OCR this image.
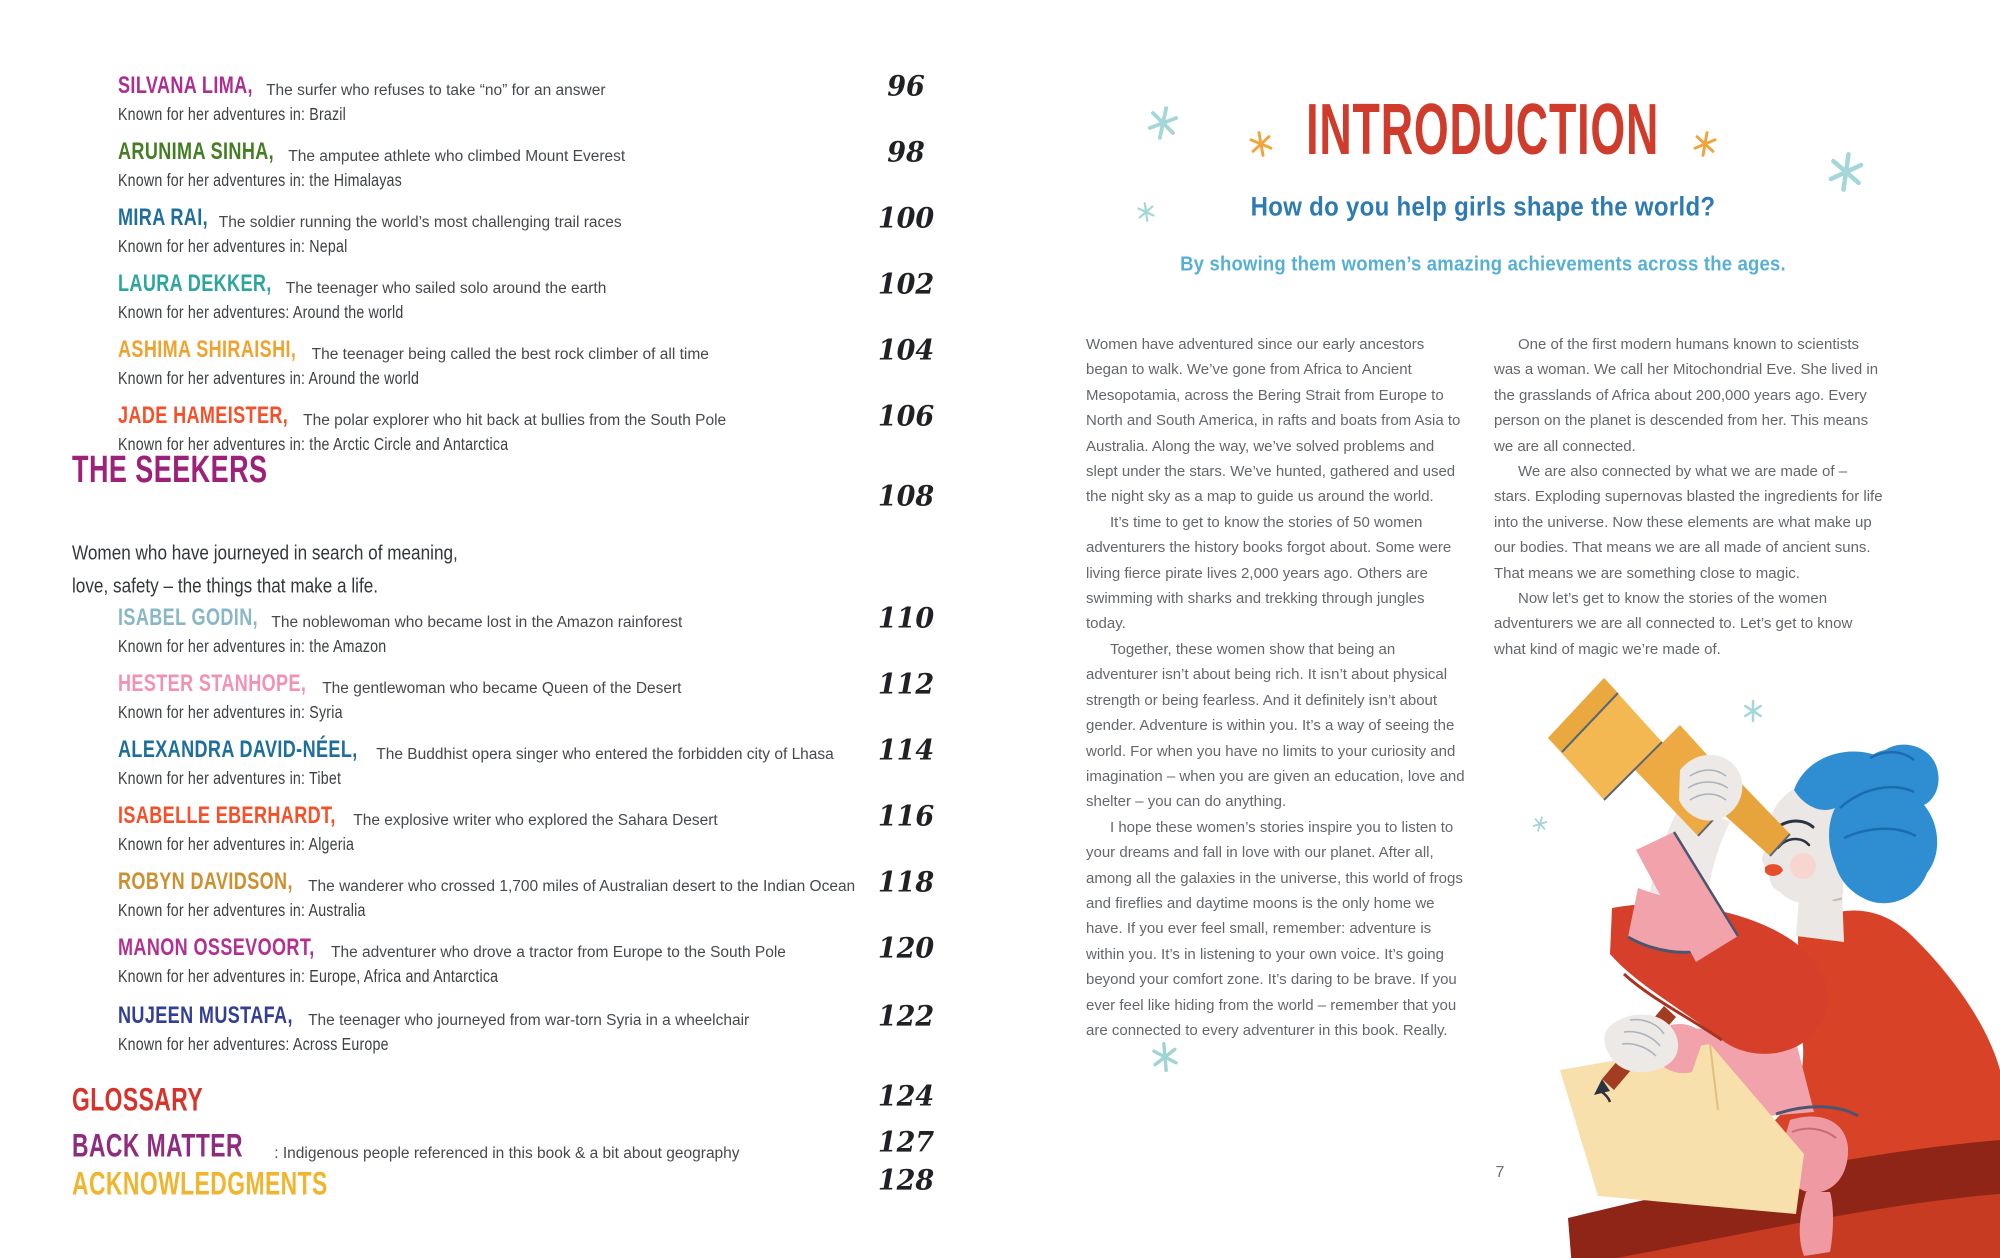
SILVANA LIMA, The surfer who refuses to take “no” for an answer
Known for her adventures in: Brazil
ARUNIMA SINHA, The amputee athlete who climbed Mount Everest
Known for her adventures in: the Himalayas
MIRA RAI, The soldier running the world’s most challenging trail races
Known for her adventures in: Nepal
LAURA DEKKER, The teenager who sailed solo around the earth
Known for her adventures: Around the world
ASHIMA SHIRAISHI, The teenager being called the best rock climber of all time
Known for her adventures in: Around the world
JADE HAMEISTER, The polar explorer who hit back at bullies from the South Pole
Known for her adventures in: the Arctic Circle and Antarctica
ISABEL GODIN, The noblewoman who became lost in the Amazon rainforest
Known for her adventures in: the Amazon
HESTER STANHOPE, The gentlewoman who became Queen of the Desert
Known for her adventures in: Syria
ALEXANDRA DAVID-NÉEL, The Buddhist opera singer who entered the forbidden city of Lhasa
Known for her adventures in: Tibet
ISABELLE EBERHARDT, The explosive writer who explored the Sahara Desert
Known for her adventures in: Algeria
ROBYN DAVIDSON, The wanderer who crossed 1,700 miles of Australian desert to the Indian Ocean
Known for her adventures in: Australia
MANON OSSEVOORT, The adventurer who drove a tractor from Europe to the South Pole
Known for her adventures in: Europe, Africa and Antarctica
NUJEEN MUSTAFA, The teenager who journeyed from war-torn Syria in a wheelchair
Known for her adventures: Across Europe
THE SEEKERS
Women who have journeyed in search of meaning,
love, safety – the things that make a life.
GLOSSARY
BACK MATTER : Indigenous people referenced in this book & a bit about geography
ACKNOWLEDGMENTS
INTRODUCTION
How do you help girls shape the world?
By showing them women’s amazing achievements across the ages.

Women have adventured since our early ancestors began to walk. We’ve gone from Africa to Ancient Mesopotamia, across the Bering Strait from Europe to North and South America, in rafts and boats from Asia to Australia. Along the way, we’ve solved problems and slept under the stars. We’ve hunted, gathered and used the night sky as a map to guide us around the world.

It’s time to get to know the stories of 50 women adventurers the history books forgot about. Some were living fierce pirate lives 2,000 years ago. Others are swimming with sharks and trekking through jungles today.

Together, these women show that being an adventurer isn’t about being rich. It isn’t about physical strength or being fearless. And it definitely isn’t about gender. Adventure is within you. It’s a way of seeing the world. For when you have no limits to your curiosity and imagination – when you are given an education, love and shelter – you can do anything.

I hope these women’s stories inspire you to listen to your dreams and fall in love with our planet. After all, among all the galaxies in the universe, this world of frogs and fireflies and daytime moons is the only home we have. If you ever feel small, remember: adventure is within you. It’s in listening to your own voice. It’s going beyond your comfort zone. It’s daring to be brave. If you ever feel like hiding from the world – remember that you are connected to every adventurer in this book. Really.

One of the first modern humans known to scientists was a woman. We call her Mitochondrial Eve. She lived in the grasslands of Africa about 200,000 years ago. Every person on the planet is descended from her. This means we are all connected.

We are also connected by what we are made of – stars. Exploding supernovas blasted the ingredients for life into the universe. Now these elements are what make up our bodies. That means we are all made of ancient suns. That means we are something close to magic.

Now let’s get to know the stories of the women adventurers we are all connected to. Let’s get to know what kind of magic we’re made of.

7
96
98
100
102
104
106
110
112
114
116
118
120
122
108
124
127
128
